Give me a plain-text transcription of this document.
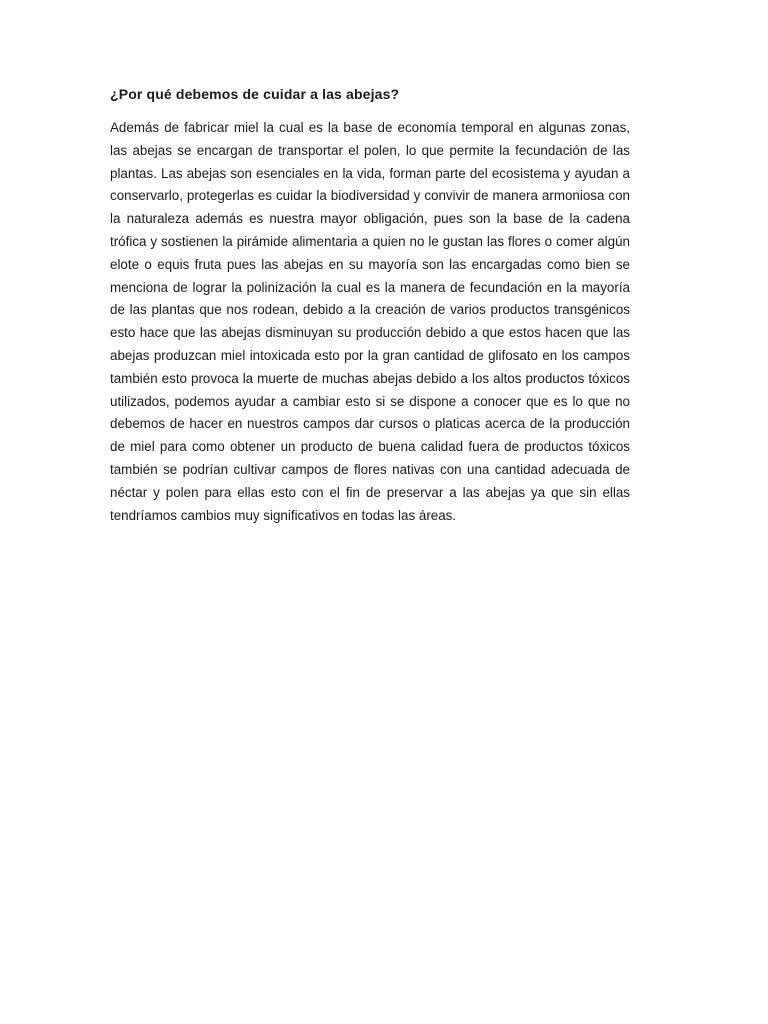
¿Por qué debemos de cuidar a las abejas?

Además de fabricar miel la cual es la base de economía temporal en algunas zonas, las abejas se encargan de transportar el polen, lo que permite la fecundación de las plantas. Las abejas son esenciales en la vida, forman parte del ecosistema y ayudan a conservarlo, protegerlas es cuidar la biodiversidad y convivir de manera armoniosa con la naturaleza además es nuestra mayor obligación, pues son la base de la cadena trófica y sostienen la pirámide alimentaria a quien no le gustan las flores o comer algún elote o equis fruta pues las abejas en su mayoría son las encargadas como bien se menciona de lograr la polinización la cual es la manera de fecundación en la mayoría de las plantas que nos rodean, debido a la creación de varios productos transgénicos esto hace que las abejas disminuyan su producción debido a que estos hacen que las abejas produzcan miel intoxicada esto por la gran cantidad de glifosato en los campos también esto provoca la muerte de muchas abejas debido a los altos productos tóxicos utilizados, podemos ayudar a cambiar esto si se dispone a conocer que es lo que no debemos de hacer en nuestros campos dar cursos o platicas acerca de la producción de miel para como obtener un producto de buena calidad fuera de productos tóxicos también se podrían cultivar campos de flores nativas con una cantidad adecuada de néctar y polen para ellas esto con el fin de preservar a las abejas ya que sin ellas tendríamos cambios muy significativos en todas las áreas.
